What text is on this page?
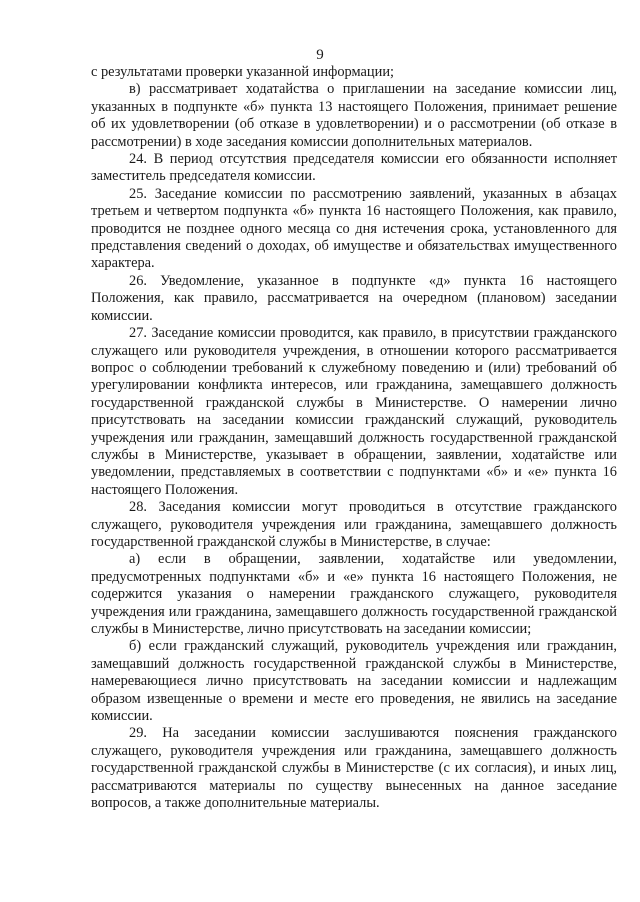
9

с результатами проверки указанной информации;

в) рассматривает ходатайства о приглашении на заседание комиссии лиц, указанных в подпункте «б» пункта 13 настоящего Положения, принимает решение об их удовлетворении (об отказе в удовлетворении) и о рассмотрении (об отказе в рассмотрении) в ходе заседания комиссии дополнительных материалов.

24. В период отсутствия председателя комиссии его обязанности исполняет заместитель председателя комиссии.

25. Заседание комиссии по рассмотрению заявлений, указанных в абзацах третьем и четвертом подпункта «б» пункта 16 настоящего Положения, как правило, проводится не позднее одного месяца со дня истечения срока, установленного для представления сведений о доходах, об имуществе и обязательствах имущественного характера.

26. Уведомление, указанное в подпункте «д» пункта 16 настоящего Положения, как правило, рассматривается на очередном (плановом) заседании комиссии.

27. Заседание комиссии проводится, как правило, в присутствии гражданского служащего или руководителя учреждения, в отношении которого рассматривается вопрос о соблюдении требований к служебному поведению и (или) требований об урегулировании конфликта интересов, или гражданина, замещавшего должность государственной гражданской службы в Министерстве. О намерении лично присутствовать на заседании комиссии гражданский служащий, руководитель учреждения или гражданин, замещавший должность государственной гражданской службы в Министерстве, указывает в обращении, заявлении, ходатайстве или уведомлении, представляемых в соответствии с подпунктами «б» и «е» пункта 16 настоящего Положения.

28. Заседания комиссии могут проводиться в отсутствие гражданского служащего, руководителя учреждения или гражданина, замещавшего должность государственной гражданской службы в Министерстве, в случае:

а) если в обращении, заявлении, ходатайстве или уведомлении, предусмотренных подпунктами «б» и «е» пункта 16 настоящего Положения, не содержится указания о намерении гражданского служащего, руководителя учреждения или гражданина, замещавшего должность государственной гражданской службы в Министерстве, лично присутствовать на заседании комиссии;

б) если гражданский служащий, руководитель учреждения или гражданин, замещавший должность государственной гражданской службы в Министерстве, намеревающиеся лично присутствовать на заседании комиссии и надлежащим образом извещенные о времени и месте его проведения, не явились на заседание комиссии.

29. На заседании комиссии заслушиваются пояснения гражданского служащего, руководителя учреждения или гражданина, замещавшего должность государственной гражданской службы в Министерстве (с их согласия), и иных лиц, рассматриваются материалы по существу вынесенных на данное заседание вопросов, а также дополнительные материалы.
